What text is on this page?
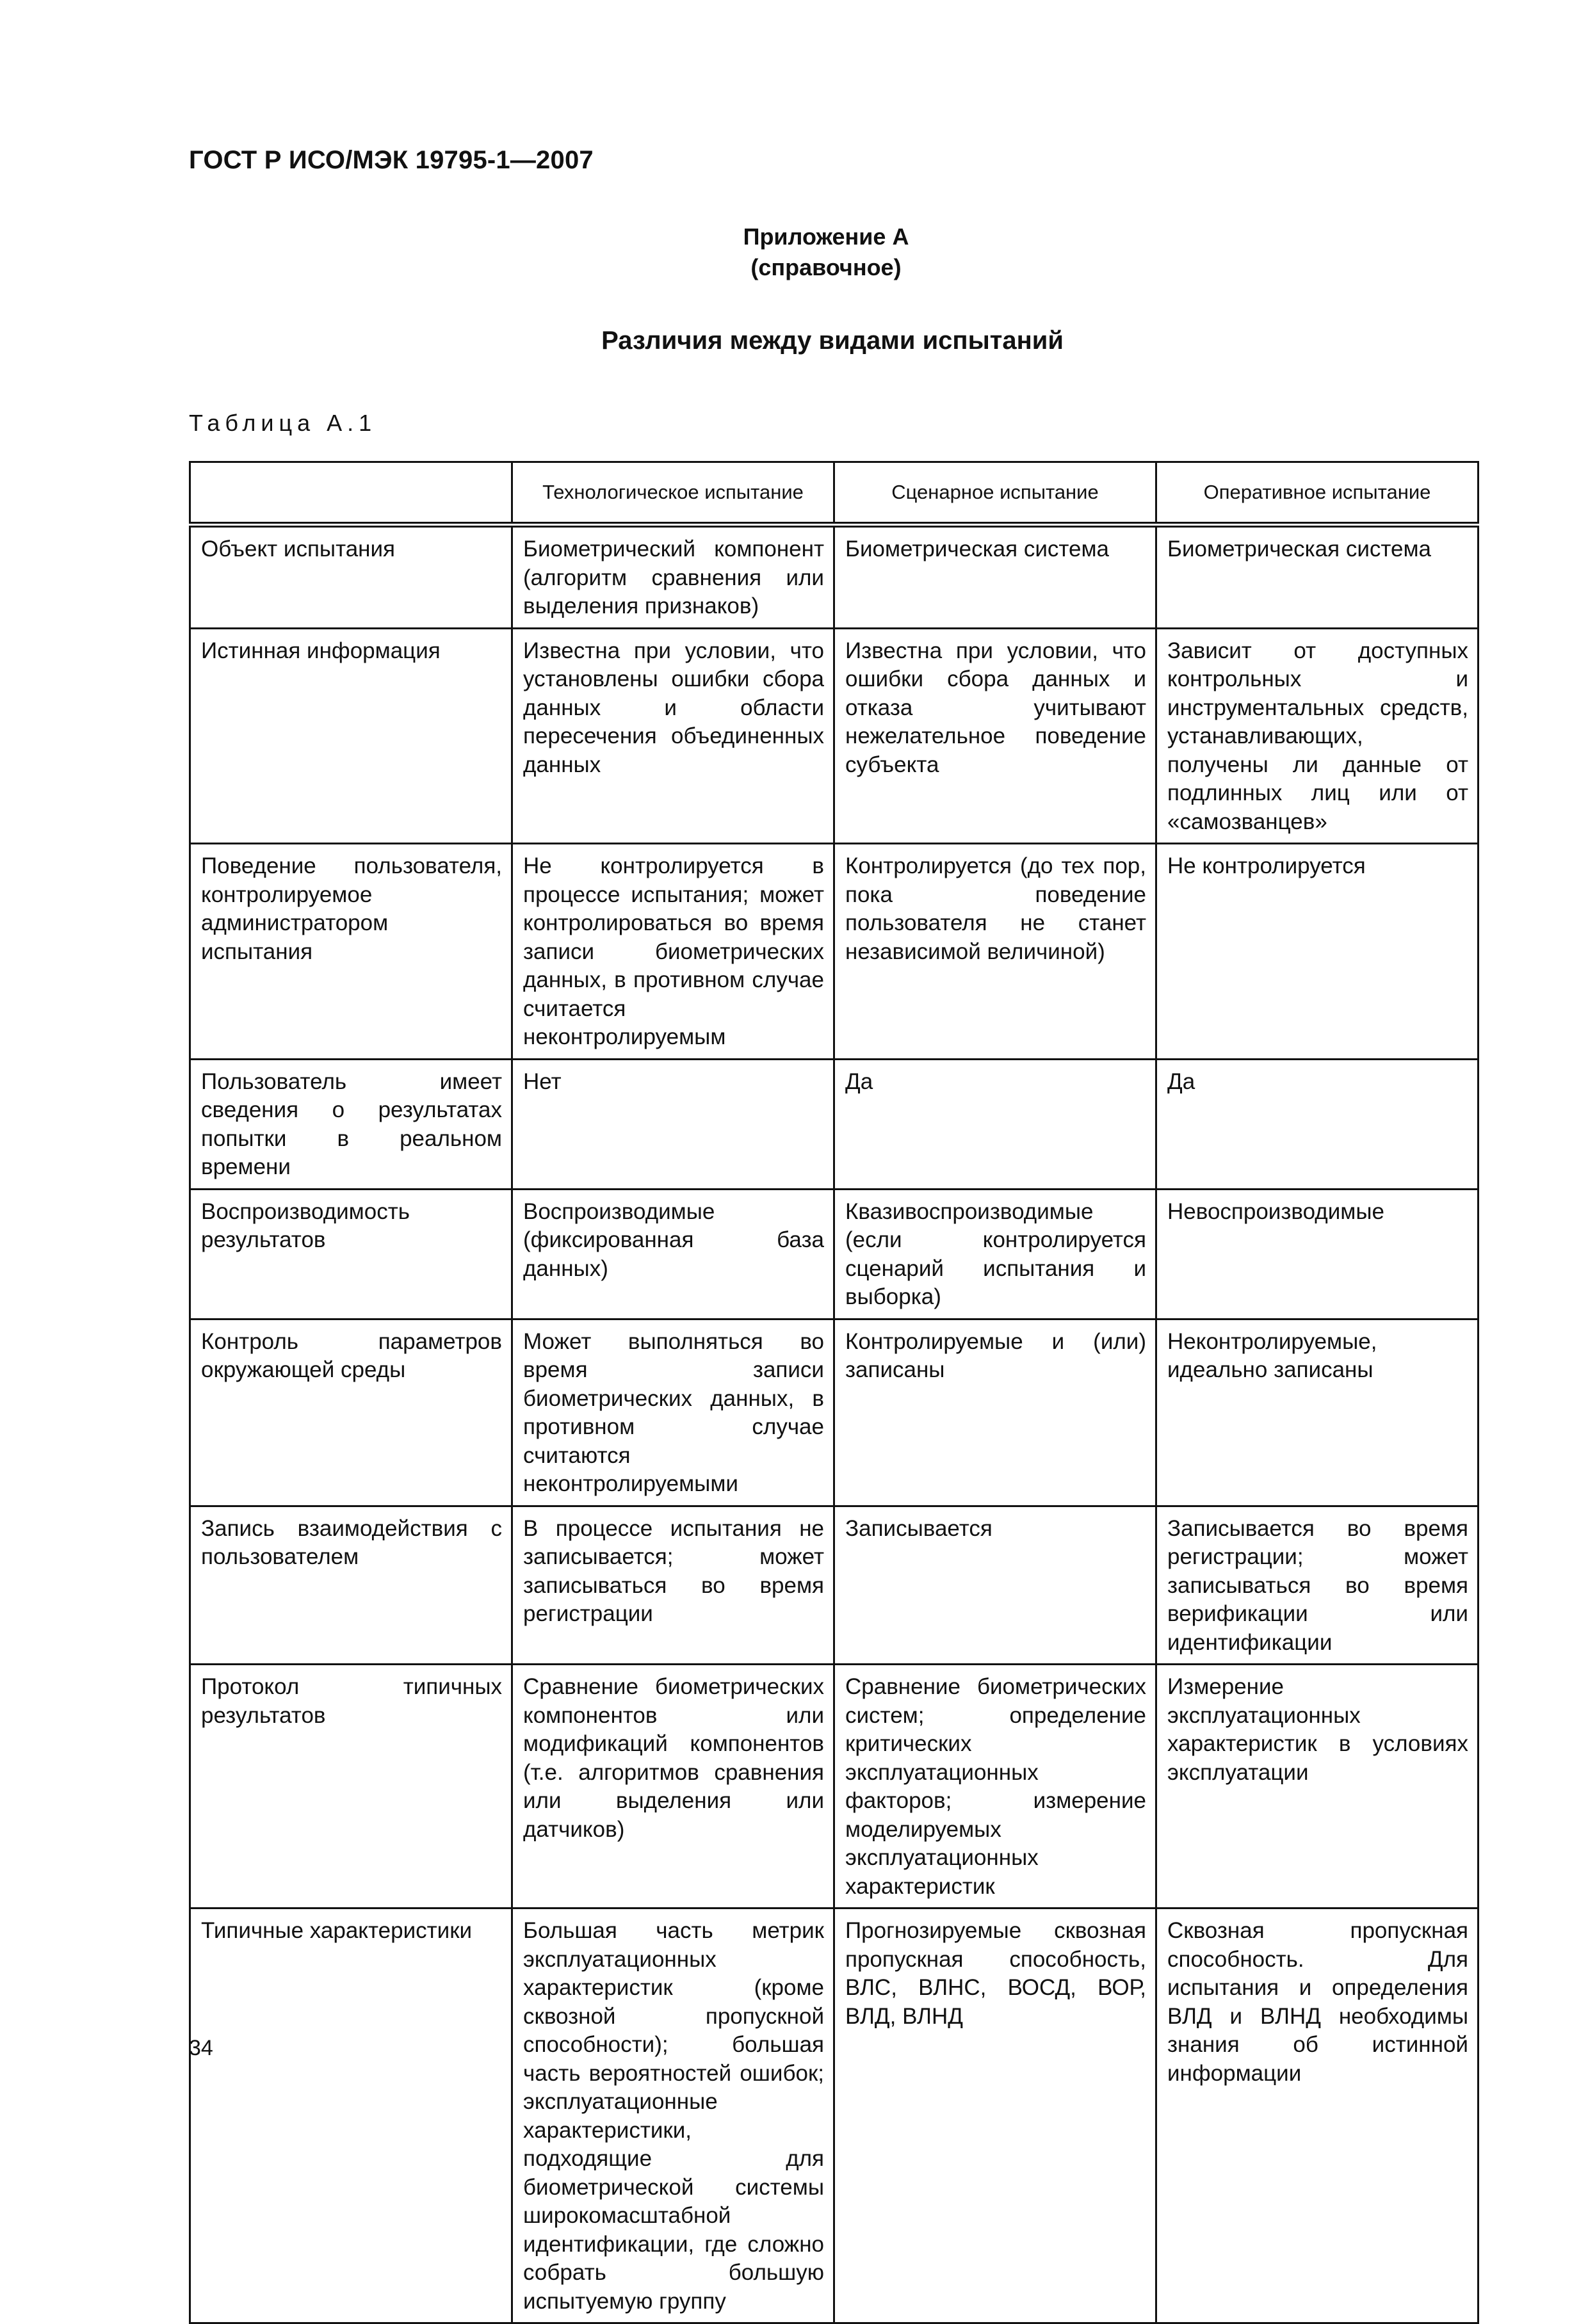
ГОСТ Р ИСО/МЭК 19795-1—2007
Приложение А
(справочное)
Различия между видами испытаний
Таблица А.1
	Технологическое испытание	Сценарное испытание	Оперативное испытание
Объект испытания	Биометрический компонент (алгоритм сравнения или выделения признаков)	Биометрическая система	Биометрическая система
Истинная информация	Известна при условии, что установлены ошибки сбора данных и области пересечения объединенных данных	Известна при условии, что ошибки сбора данных и отказа учитывают нежелательное поведение субъекта	Зависит от доступных контрольных и инструментальных средств, устанавливающих, получены ли данные от подлинных лиц или от «самозванцев»
Поведение пользователя, контролируемое администратором испытания	Не контролируется в процессе испытания; может контролироваться во время записи биометрических данных, в противном случае считается неконтролируемым	Контролируется (до тех пор, пока поведение пользователя не станет независимой величиной)	Не контролируется
Пользователь имеет сведения о результатах попытки в реальном времени	Нет	Да	Да
Воспроизводимость результатов	Воспроизводимые (фиксированная база данных)	Квазивоспроизводимые (если контролируется сценарий испытания и выборка)	Невоспроизводимые
Контроль параметров окружающей среды	Может выполняться во время записи биометрических данных, в противном случае считаются неконтролируемыми	Контролируемые и (или) записаны	Неконтролируемые, идеально записаны
Запись взаимодействия с пользователем	В процессе испытания не записывается; может записываться во время регистрации	Записывается	Записывается во время регистрации; может записываться во время верификации или идентификации
Протокол типичных результатов	Сравнение биометрических компонентов или модификаций компонентов (т.е. алгоритмов сравнения или выделения или датчиков)	Сравнение биометрических систем; определение критических эксплуатационных факторов; измерение моделируемых эксплуатационных характеристик	Измерение эксплуатационных характеристик в условиях эксплуатации
Типичные характеристики	Большая часть метрик эксплуатационных характеристик (кроме сквозной пропускной способности); большая часть вероятностей ошибок; эксплуатационные характеристики, подходящие для биометрической системы широкомасштабной идентификации, где сложно собрать большую испытуемую группу	Прогнозируемые сквозная пропускная способность, ВЛС, ВЛНС, ВОСД, ВОР, ВЛД, ВЛНД	Сквозная пропускная способность. Для испытания и определения ВЛД и ВЛНД необходимы знания об истинной информации
34
